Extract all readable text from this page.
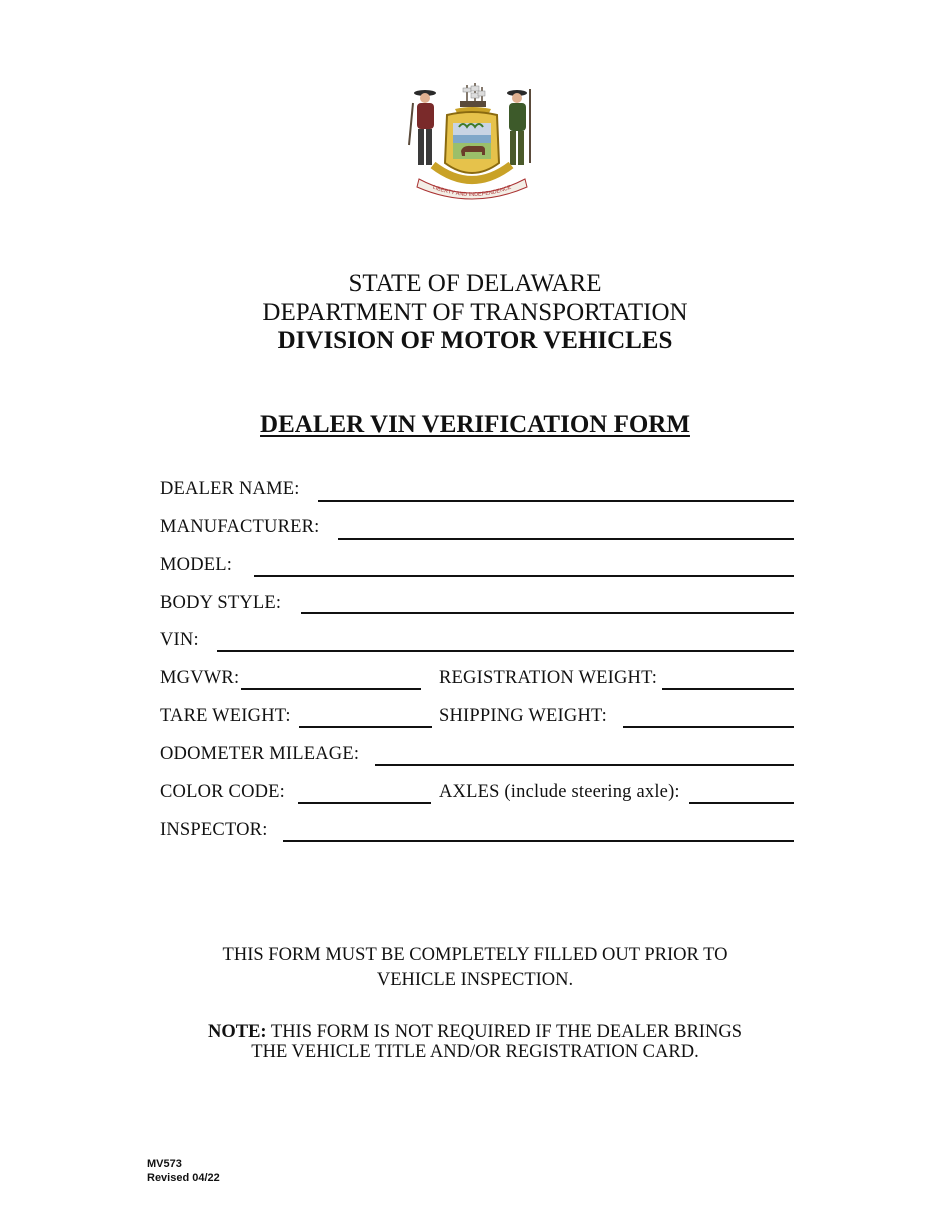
LIBERTY AND INDEPENDENCE
STATE OF DELAWARE
DEPARTMENT OF TRANSPORTATION
DIVISION OF MOTOR VEHICLES
DEALER VIN VERIFICATION FORM
DEALER NAME:
MANUFACTURER:
MODEL:
BODY STYLE:
VIN:
MGVWR:	REGISTRATION WEIGHT:
TARE WEIGHT:	SHIPPING WEIGHT:
ODOMETER MILEAGE:
COLOR CODE:	AXLES (include steering axle):
INSPECTOR:
THIS FORM MUST BE COMPLETELY FILLED OUT PRIOR TO
VEHICLE INSPECTION.
NOTE: THIS FORM IS NOT REQUIRED IF THE DEALER BRINGS
THE VEHICLE TITLE AND/OR REGISTRATION CARD.
MV573
Revised 04/22
